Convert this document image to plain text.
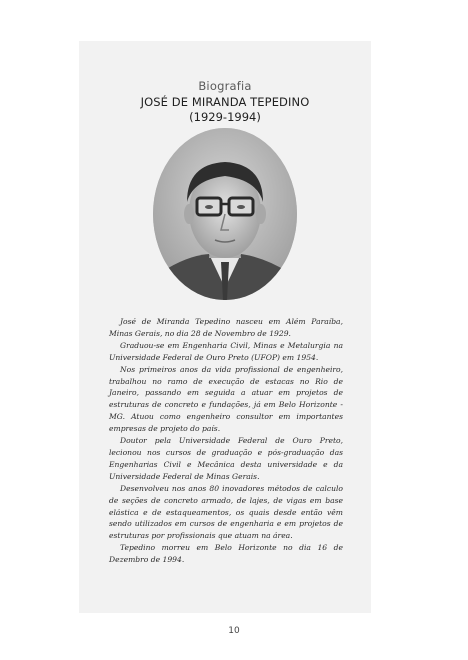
Biografia
JOSÉ DE MIRANDA TEPEDINO
(1929-1994)

José de Miranda Tepedino nasceu em Além Paraíba, Minas Gerais, no dia 28 de Novembro de 1929.

Graduou-se em Engenharia Civil, Minas e Metalurgia na Universidade Federal de Ouro Preto (UFOP) em 1954.

Nos primeiros anos da vida profissional de engenheiro, trabalhou no ramo de execução de estacas no Rio de Janeiro, passando em seguida a atuar em projetos de estruturas de concreto e fundações, já em Belo Horizonte - MG. Atuou como engenheiro consultor em importantes empresas de projeto do país.

Doutor pela Universidade Federal de Ouro Preto, lecionou nos cursos de graduação e pós-graduação das Engenharias Civil e Mecânica desta universidade e da Universidade Federal de Minas Gerais.

Desenvolveu nos anos 80 inovadores métodos de calculo de seções de concreto armado, de lajes, de vigas em base elástica e de estaqueamentos, os quais desde então vêm sendo utilizados em cursos de engenharia e em projetos de estruturas por profissionais que atuam na área.

Tepedino morreu em Belo Horizonte no dia 16 de Dezembro de 1994.

10
